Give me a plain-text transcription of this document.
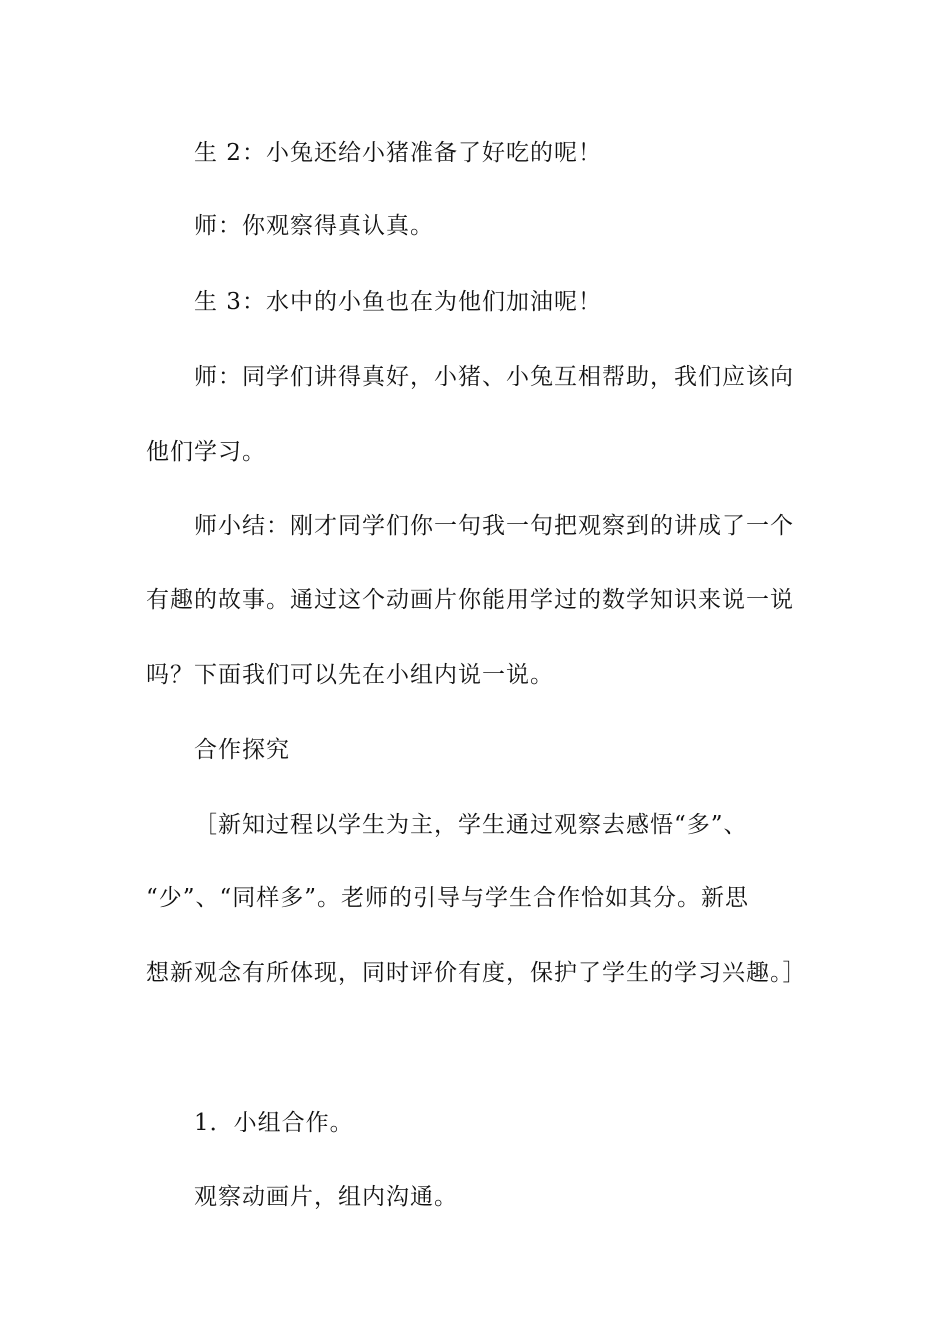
生 2：小兔还给小猪准备了好吃的呢！
师：你观察得真认真。
生 3：水中的小鱼也在为他们加油呢！
师：同学们讲得真好，小猪、小兔互相帮助，我们应该向
他们学习。
师小结：刚才同学们你一句我一句把观察到的讲成了一个
有趣的故事。通过这个动画片你能用学过的数学知识来说一说
吗？下面我们可以先在小组内说一说。
合作探究
［新知过程以学生为主，学生通过观察去感悟“多”、
“少”、“同样多”。老师的引导与学生合作恰如其分。新思
想新观念有所体现，同时评价有度，保护了学生的学习兴趣。］
1．小组合作。
观察动画片，组内沟通。
